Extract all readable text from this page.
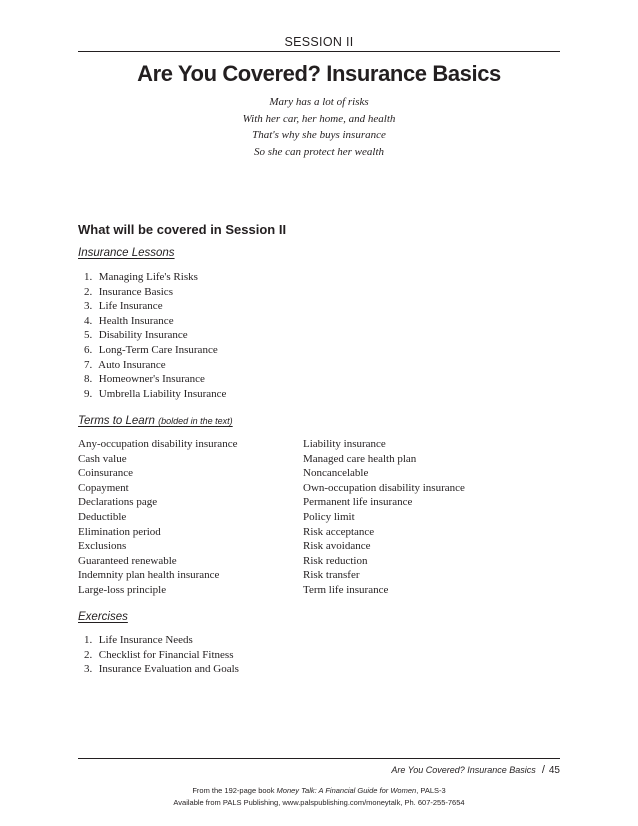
SESSION II
Are You Covered? Insurance Basics
Mary has a lot of risks
With her car, her home, and health
That's why she buys insurance
So she can protect her wealth
What will be covered in Session II
Insurance Lessons
1. Managing Life's Risks
2. Insurance Basics
3. Life Insurance
4. Health Insurance
5. Disability Insurance
6. Long-Term Care Insurance
7. Auto Insurance
8. Homeowner's Insurance
9. Umbrella Liability Insurance
Terms to Learn (bolded in the text)
Any-occupation disability insurance
Cash value
Coinsurance
Copayment
Declarations page
Deductible
Elimination period
Exclusions
Guaranteed renewable
Indemnity plan health insurance
Large-loss principle
Liability insurance
Managed care health plan
Noncancelable
Own-occupation disability insurance
Permanent life insurance
Policy limit
Risk acceptance
Risk avoidance
Risk reduction
Risk transfer
Term life insurance
Exercises
1. Life Insurance Needs
2. Checklist for Financial Fitness
3. Insurance Evaluation and Goals
Are You Covered? Insurance Basics / 45
From the 192-page book Money Talk: A Financial Guide for Women, PALS-3
Available from PALS Publishing, www.palspublishing.com/moneytalk, Ph. 607-255-7654
